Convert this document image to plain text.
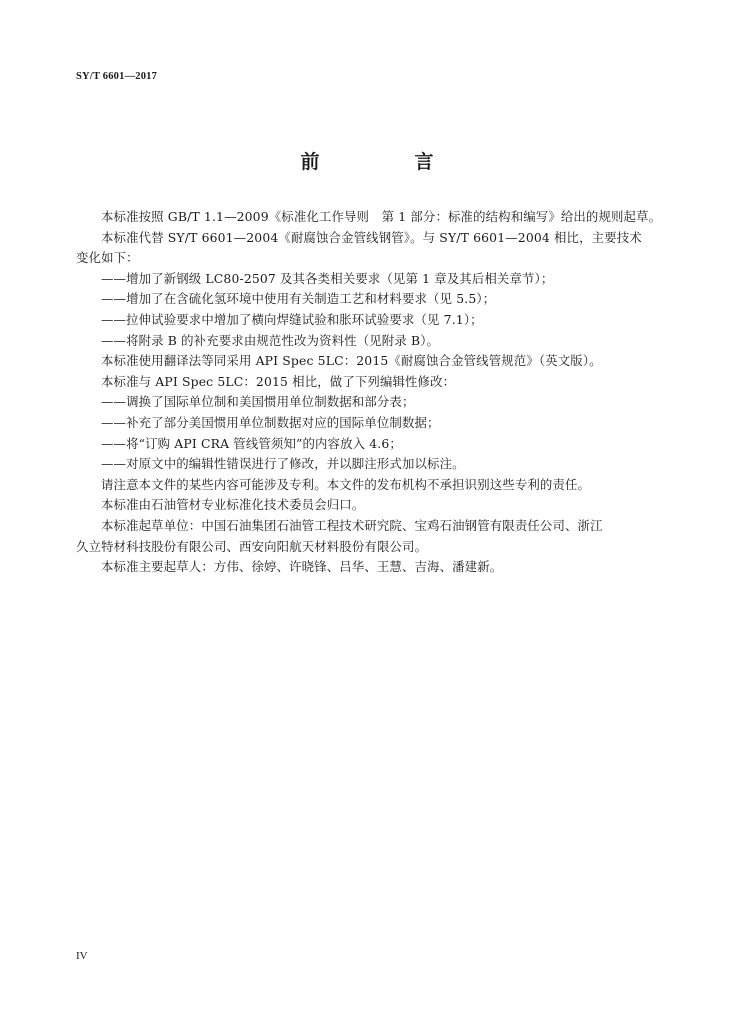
SY/T 6601—2017
前　言
本标准按照 GB/T 1.1—2009《标准化工作导则　第 1 部分：标准的结构和编写》给出的规则起草。
本标准代替 SY/T 6601—2004《耐腐蚀合金管线钢管》。与 SY/T 6601—2004 相比，主要技术
变化如下：
——增加了新钢级 LC80-2507 及其各类相关要求（见第 1 章及其后相关章节）；
——增加了在含硫化氢环境中使用有关制造工艺和材料要求（见 5.5）；
——拉伸试验要求中增加了横向焊缝试验和胀环试验要求（见 7.1）；
——将附录 B 的补充要求由规范性改为资料性（见附录 B）。
本标准使用翻译法等同采用 API Spec 5LC：2015《耐腐蚀合金管线管规范》（英文版）。
本标准与 API Spec 5LC：2015 相比，做了下列编辑性修改：
——调换了国际单位制和美国惯用单位制数据和部分表；
——补充了部分美国惯用单位制数据对应的国际单位制数据；
——将“订购 API CRA 管线管须知”的内容放入 4.6；
——对原文中的编辑性错误进行了修改，并以脚注形式加以标注。
请注意本文件的某些内容可能涉及专利。本文件的发布机构不承担识别这些专利的责任。
本标准由石油管材专业标准化技术委员会归口。
本标准起草单位：中国石油集团石油管工程技术研究院、宝鸡石油钢管有限责任公司、浙江
久立特材科技股份有限公司、西安向阳航天材料股份有限公司。
本标准主要起草人：方伟、徐婷、许晓锋、吕华、王慧、吉海、潘建新。
IV
